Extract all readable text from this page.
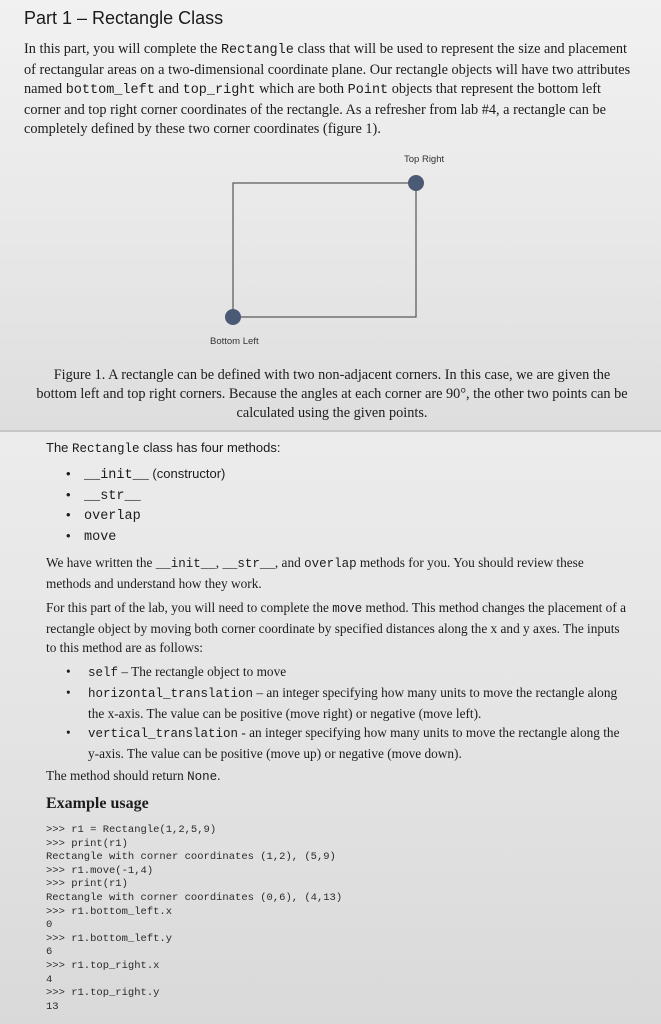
Part 1 – Rectangle Class

In this part, you will complete the Rectangle class that will be used to represent the size and placement of rectangular areas on a two-dimensional coordinate plane. Our rectangle objects will have two attributes named bottom_left and top_right which are both Point objects that represent the bottom left corner and top right corner coordinates of the rectangle. As a refresher from lab #4, a rectangle can be completely defined by these two corner coordinates (figure 1).

Top Right
Bottom Left

Figure 1. A rectangle can be defined with two non-adjacent corners. In this case, we are given the bottom left and top right corners. Because the angles at each corner are 90°, the other two points can be calculated using the given points.

The Rectangle class has four methods:
• __init__ (constructor)
• __str__
• overlap
• move

We have written the __init__, __str__, and overlap methods for you. You should review these methods and understand how they work.

For this part of the lab, you will need to complete the move method. This method changes the placement of a rectangle object by moving both corner coordinate by specified distances along the x and y axes. The inputs to this method are as follows:

• self – The rectangle object to move
• horizontal_translation – an integer specifying how many units to move the rectangle along the x-axis. The value can be positive (move right) or negative (move left).
• vertical_translation - an integer specifying how many units to move the rectangle along the y-axis. The value can be positive (move up) or negative (move down).

The method should return None.

Example usage
>>> r1 = Rectangle(1,2,5,9)
>>> print(r1)
Rectangle with corner coordinates (1,2), (5,9)
>>> r1.move(-1,4)
>>> print(r1)
Rectangle with corner coordinates (0,6), (4,13)
>>> r1.bottom_left.x
0
>>> r1.bottom_left.y
6
>>> r1.top_right.x
4
>>> r1.top_right.y
13
